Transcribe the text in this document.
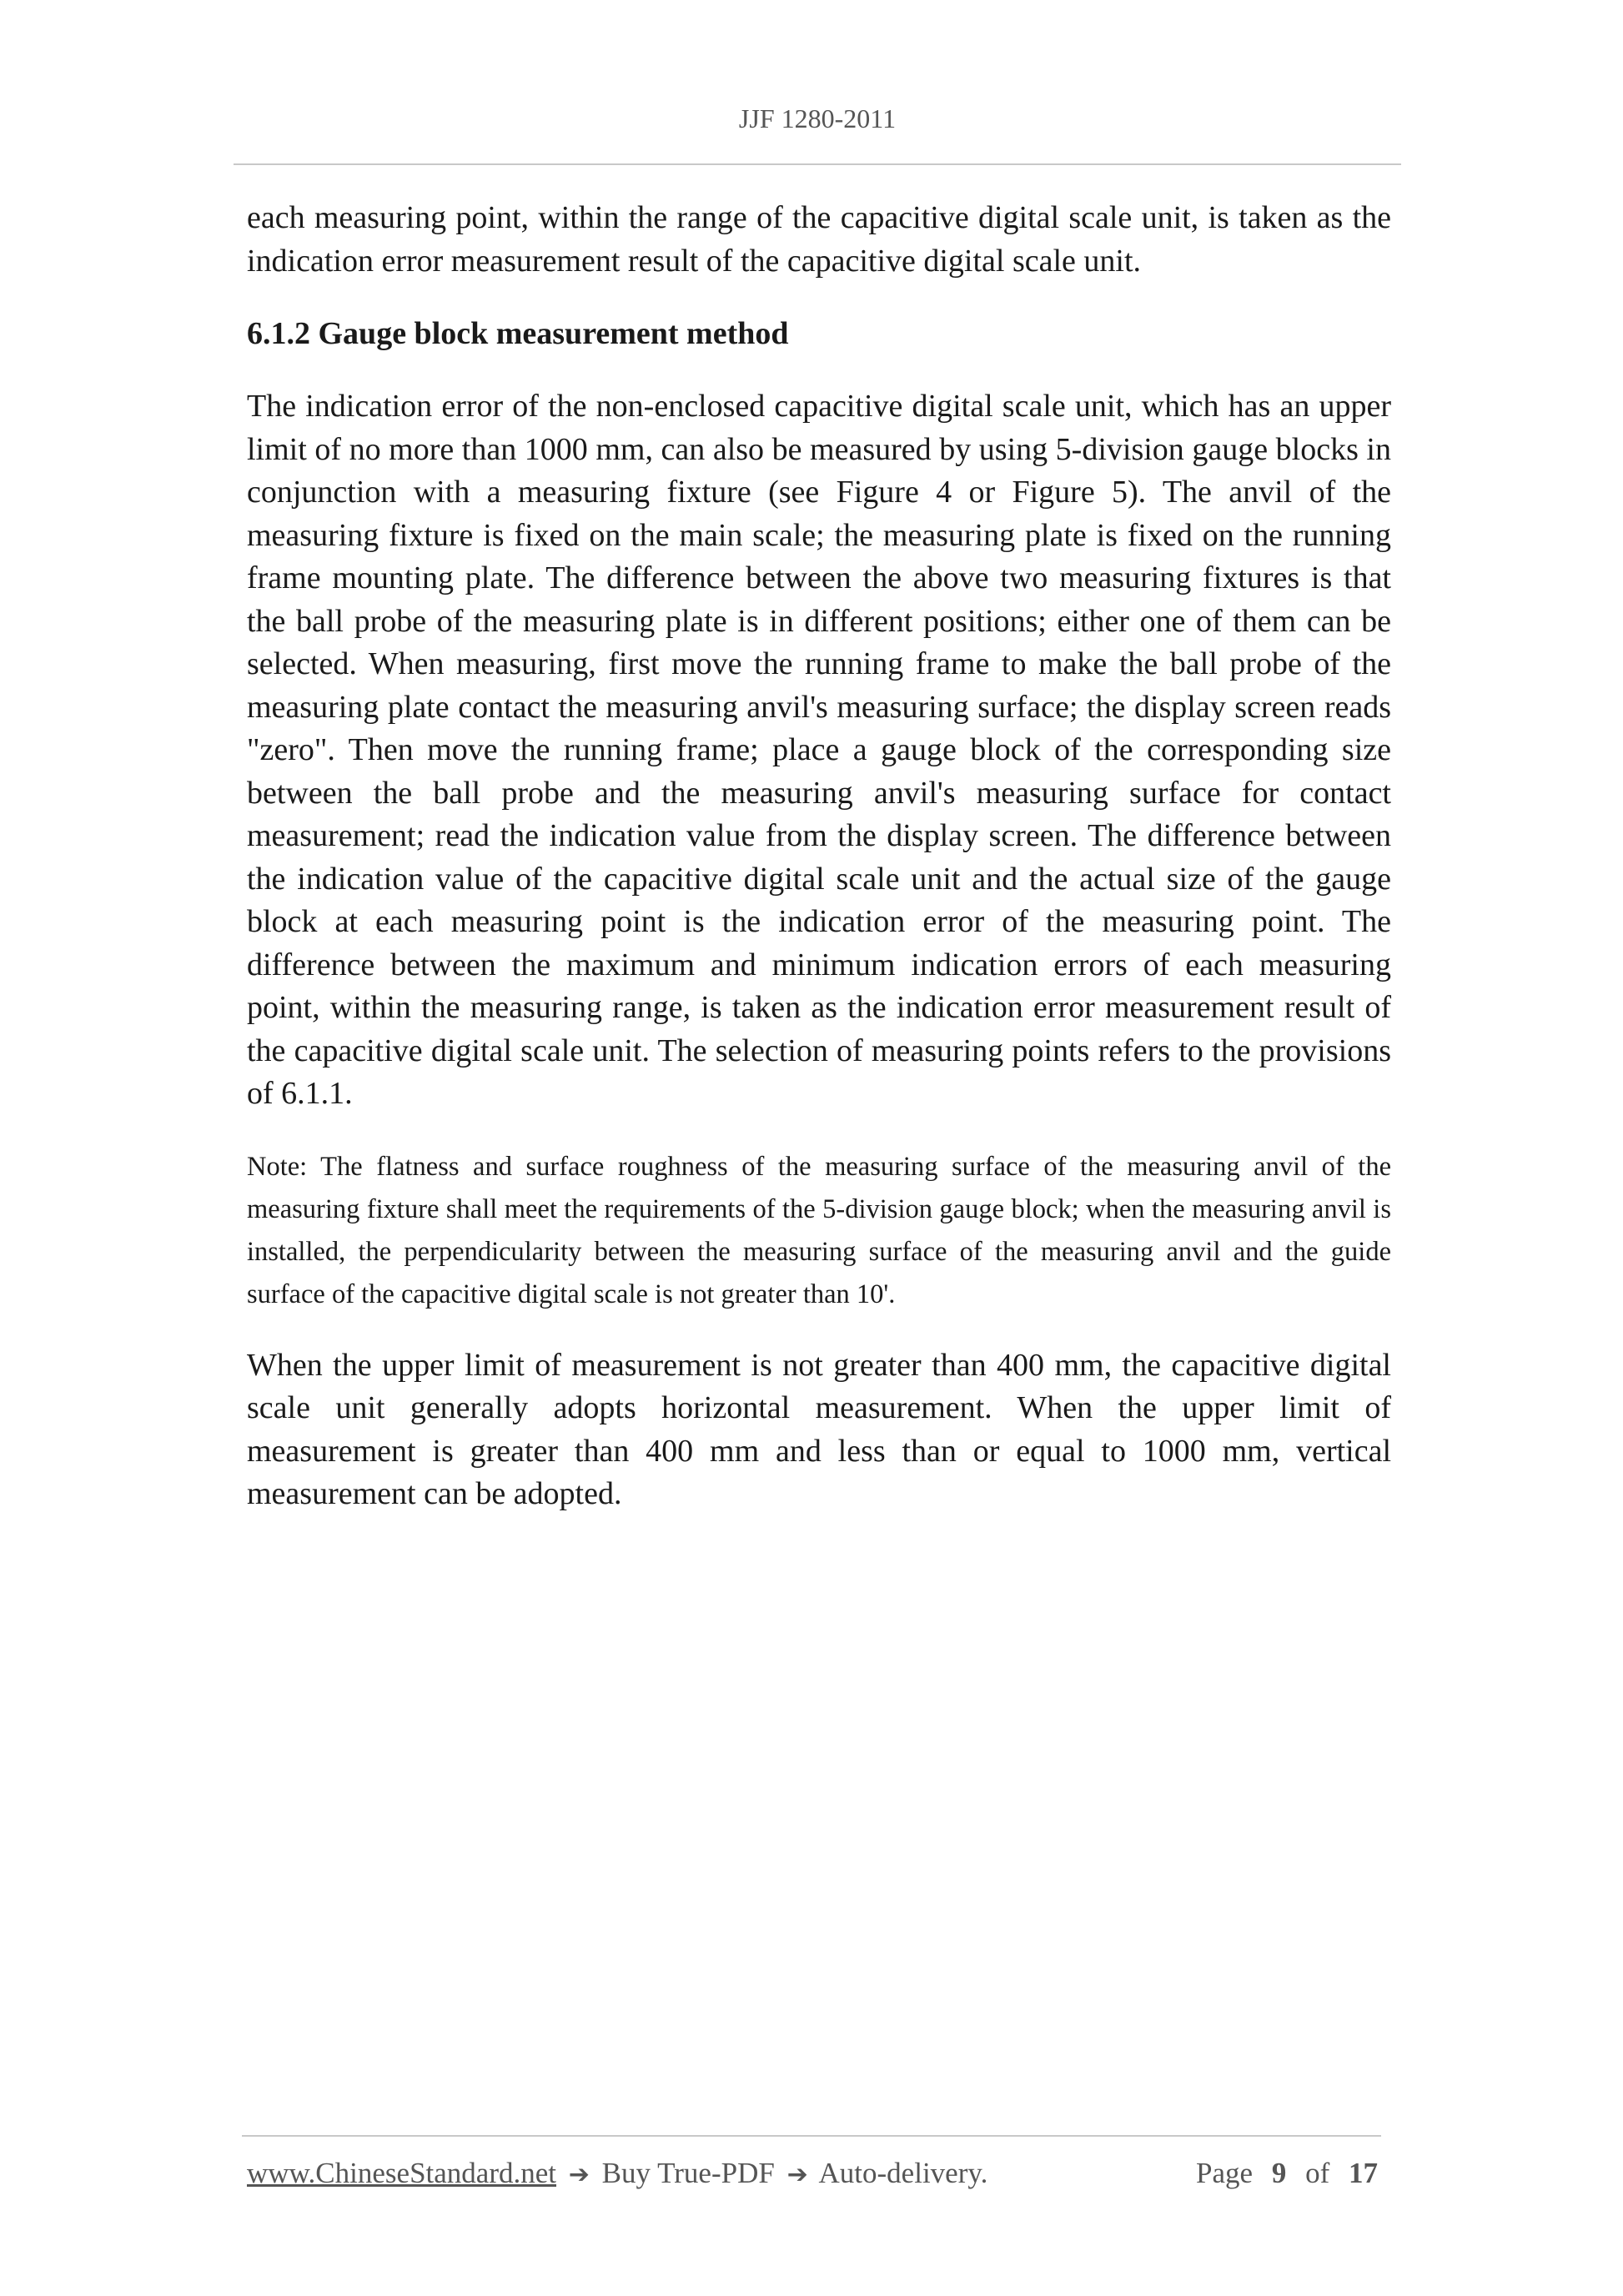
JJF 1280-2011

each measuring point, within the range of the capacitive digital scale unit, is taken as the indication error measurement result of the capacitive digital scale unit.

6.1.2 Gauge block measurement method

The indication error of the non-enclosed capacitive digital scale unit, which has an upper limit of no more than 1000 mm, can also be measured by using 5-division gauge blocks in conjunction with a measuring fixture (see Figure 4 or Figure 5). The anvil of the measuring fixture is fixed on the main scale; the measuring plate is fixed on the running frame mounting plate. The difference between the above two measuring fixtures is that the ball probe of the measuring plate is in different positions; either one of them can be selected. When measuring, first move the running frame to make the ball probe of the measuring plate contact the measuring anvil's measuring surface; the display screen reads "zero". Then move the running frame; place a gauge block of the corresponding size between the ball probe and the measuring anvil's measuring surface for contact measurement; read the indication value from the display screen. The difference between the indication value of the capacitive digital scale unit and the actual size of the gauge block at each measuring point is the indication error of the measuring point. The difference between the maximum and minimum indication errors of each measuring point, within the measuring range, is taken as the indication error measurement result of the capacitive digital scale unit. The selection of measuring points refers to the provisions of 6.1.1.

Note: The flatness and surface roughness of the measuring surface of the measuring anvil of the measuring fixture shall meet the requirements of the 5-division gauge block; when the measuring anvil is installed, the perpendicularity between the measuring surface of the measuring anvil and the guide surface of the capacitive digital scale is not greater than 10'.

When the upper limit of measurement is not greater than 400 mm, the capacitive digital scale unit generally adopts horizontal measurement. When the upper limit of measurement is greater than 400 mm and less than or equal to 1000 mm, vertical measurement can be adopted.

www.ChineseStandard.net ➔ Buy True-PDF ➔ Auto-delivery.	Page 9 of 17
